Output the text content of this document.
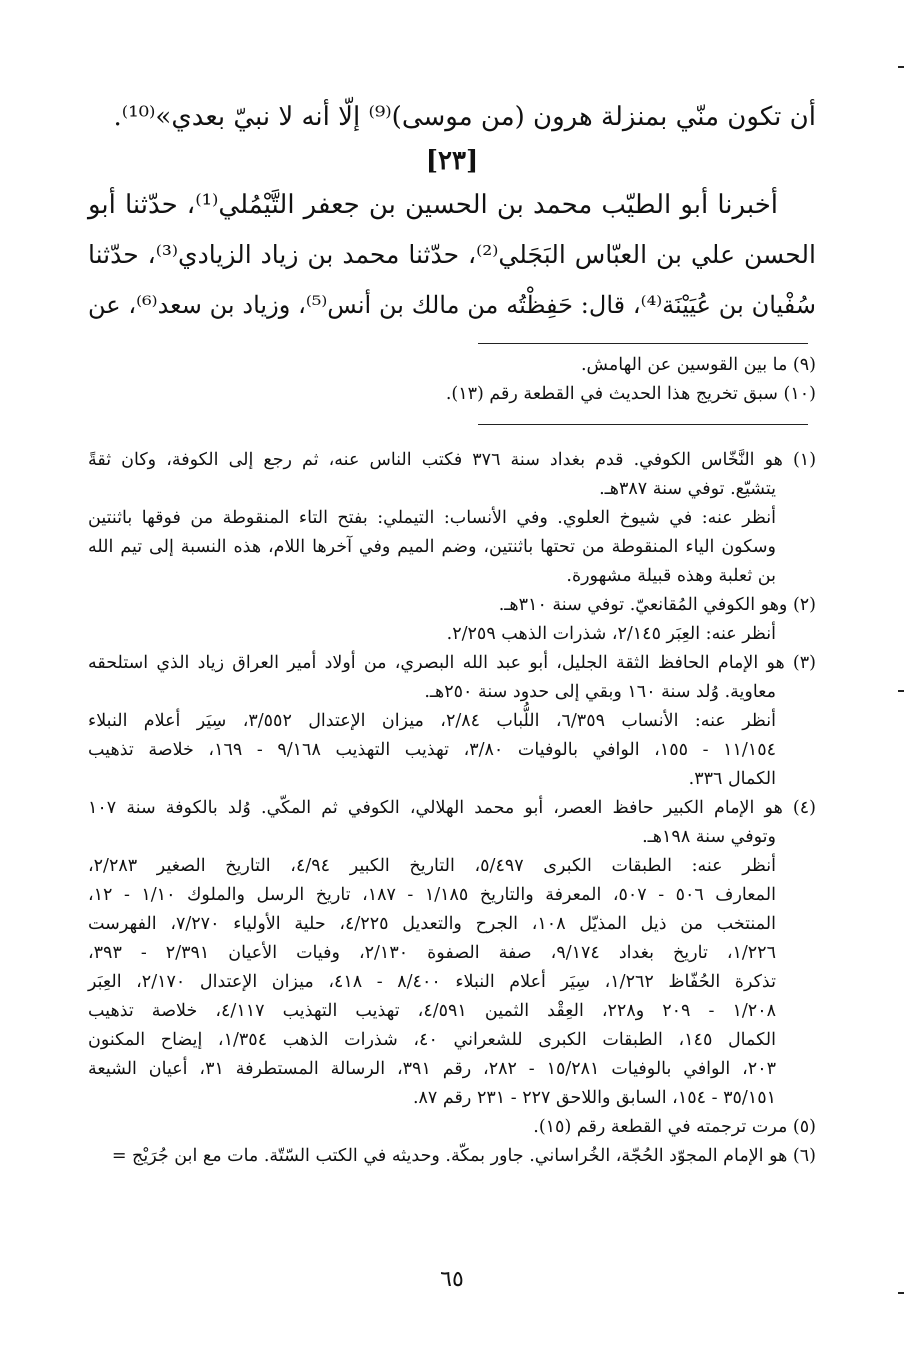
أن تكون منّي بمنزلة هرون (من موسى)⁽⁹⁾ إلّا أنه لا نبيّ بعدي»⁽¹⁰⁾.
[٢٣]
أخبرنا أبو الطيّب محمد بن الحسين بن جعفر التَّيْمُلي⁽¹⁾، حدّثنا أبو
الحسن علي بن العبّاس البَجَلي⁽²⁾، حدّثنا محمد بن زياد الزيادي⁽³⁾، حدّثنا
سُفْيان بن عُيَيْنَة⁽⁴⁾، قال: حَفِظْتُه من مالك بن أنس⁽⁵⁾، وزياد بن سعد⁽⁶⁾، عن
(٩) ما بين القوسين عن الهامش.
(١٠) سبق تخريج هذا الحديث في القطعة رقم (١٣).
(١) هو النَّخّاس الكوفي. قدم بغداد سنة ٣٧٦ فكتب الناس عنه، ثم رجع إلى الكوفة، وكان ثقةً
يتشيّع. توفي سنة ٣٨٧هـ.
أنظر عنه: في شيوخ العلوي. وفي الأنساب: التيملي: بفتح التاء المنقوطة من فوقها باثنتين
وسكون الياء المنقوطة من تحتها باثنتين، وضم الميم وفي آخرها اللام، هذه النسبة إلى تيم الله
بن ثعلبة وهذه قبيلة مشهورة.
(٢) وهو الكوفي المُقانعيّ. توفي سنة ٣١٠هـ.
أنظر عنه: العِبَر ٢/١٤٥، شذرات الذهب ٢/٢٥٩.
(٣) هو الإمام الحافظ الثقة الجليل، أبو عبد الله البصري، من أولاد أمير العراق زياد الذي استلحقه
معاوية. وُلد سنة ١٦٠ وبقي إلى حدود سنة ٢٥٠هـ.
أنظر عنه: الأنساب ٦/٣٥٩، اللُّباب ٢/٨٤، ميزان الإعتدال ٣/٥٥٢، سِيَر أعلام النبلاء
١١/١٥٤ - ١٥٥، الوافي بالوفيات ٣/٨٠، تهذيب التهذيب ٩/١٦٨ - ١٦٩، خلاصة تذهيب
الكمال ٣٣٦.
(٤) هو الإمام الكبير حافظ العصر، أبو محمد الهلالي، الكوفي ثم المكّي. وُلد بالكوفة سنة ١٠٧
وتوفي سنة ١٩٨هـ.
أنظر عنه: الطبقات الكبرى ٥/٤٩٧، التاريخ الكبير ٤/٩٤، التاريخ الصغير ٢/٢٨٣،
المعارف ٥٠٦ - ٥٠٧، المعرفة والتاريخ ١/١٨٥ - ١٨٧، تاريخ الرسل والملوك ١/١٠ - ١٢،
المنتخب من ذيل المذيّل ١٠٨، الجرح والتعديل ٤/٢٢٥، حلية الأولياء ٧/٢٧٠، الفهرست
١/٢٢٦، تاريخ بغداد ٩/١٧٤، صفة الصفوة ٢/١٣٠، وفيات الأعيان ٢/٣٩١ - ٣٩٣،
تذكرة الحُفّاظ ١/٢٦٢، سِيَر أعلام النبلاء ٨/٤٠٠ - ٤١٨، ميزان الإعتدال ٢/١٧٠، العِبَر
١/٢٠٨ - ٢٠٩ و٢٢٨، العِقْد الثمين ٤/٥٩١، تهذيب التهذيب ٤/١١٧، خلاصة تذهيب
الكمال ١٤٥، الطبقات الكبرى للشعراني ٤٠، شذرات الذهب ١/٣٥٤، إيضاح المكنون
٢٠٣، الوافي بالوفيات ١٥/٢٨١ - ٢٨٢، رقم ٣٩١، الرسالة المستطرفة ٣١، أعيان الشيعة
٣٥/١٥١ - ١٥٤، السابق واللاحق ٢٢٧ - ٢٣١ رقم ٨٧.
(٥) مرت ترجمته في القطعة رقم (١٥).
(٦) هو الإمام المجوّد الحُجّة، الخُراساني. جاور بمكّة. وحديثه في الكتب السّتّة. مات مع ابن جُرَيْج =
٦٥
